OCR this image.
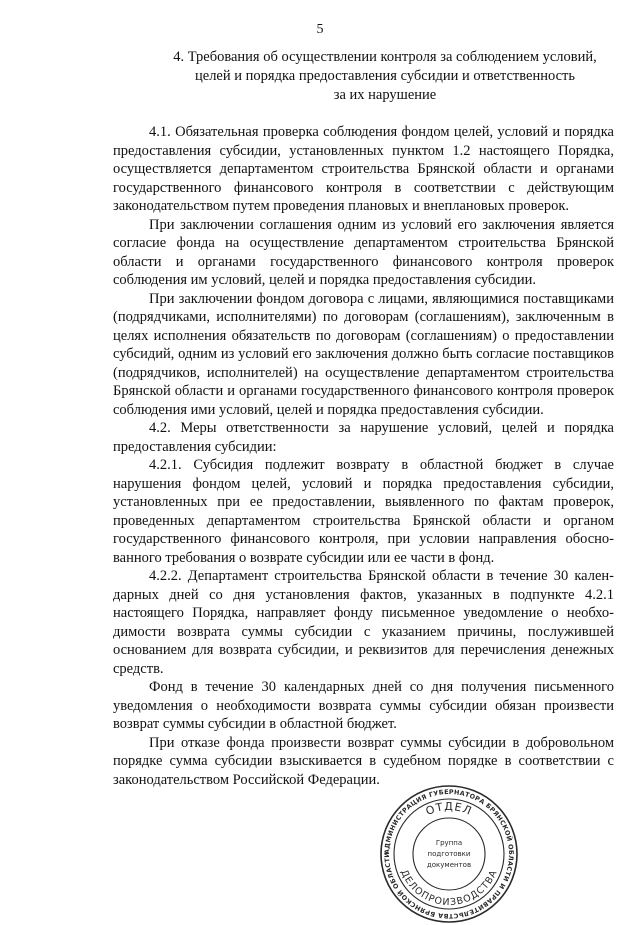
5
4. Требования об осуществлении контроля за соблюдением условий,
целей и порядка предоставления субсидии и ответственность
за их нарушение

4.1. Обязательная проверка соблюдения фондом целей, условий и порядка предоставления субсидии, установленных пунктом 1.2 настоящего Порядка, осуществляется департаментом строительства Брянской области и органами государственного финансового контроля в соответствии с действующим законодательством путем проведения плановых и внеплановых проверок.

При заключении соглашения одним из условий его заключения является согласие фонда на осуществление департаментом строительства Брянской области и органами государственного финансового контроля проверок соблюдения им условий, целей и порядка предоставления субсидии.

При заключении фондом договора с лицами, являющимися поставщиками (подрядчиками, исполнителями) по договорам (соглашениям), заключенным в целях исполнения обязательств по договорам (соглашениям) о предоставлении субсидий, одним из условий его заключения должно быть согласие поставщиков (подрядчиков, исполнителей) на осуществление департаментом строительства Брянской области и органами государственного финансового контроля проверок соблюдения ими условий, целей и порядка предоставления субсидии.

4.2. Меры ответственности за нарушение условий, целей и порядка предоставления субсидии:

4.2.1. Субсидия подлежит возврату в областной бюджет в случае нарушения фондом целей, условий и порядка предоставления субсидии, установленных при ее предоставлении, выявленного по фактам проверок, проведенных департаментом строительства Брянской области и органом государственного финансового контроля, при условии направления обоснованного требования о возврате субсидии или ее части в фонд.

4.2.2. Департамент строительства Брянской области в течение 30 календарных дней со дня установления фактов, указанных в подпункте 4.2.1 настоящего Порядка, направляет фонду письменное уведомление о необходимости возврата суммы субсидии с указанием причины, послужившей основанием для возврата субсидии, и реквизитов для перечисления денежных средств.

Фонд в течение 30 календарных дней со дня получения письменного уведомления о необходимости возврата суммы субсидии обязан произвести возврат суммы субсидии в областной бюджет.

При отказе фонда произвести возврат суммы субсидии в добровольном порядке сумма субсидии взыскивается в судебном порядке в соответствии с законодательством Российской Федерации.

АДМИНИСТРАЦИЯ ГУБЕРНАТОРА БРЯНСКОЙ ОБЛАСТИ И ПРАВИТЕЛЬСТВА БРЯНСКОЙ ОБЛАСТИ
ОТДЕЛ
ДЕЛОПРОИЗВОДСТВА
Группа
подготовки
документов
